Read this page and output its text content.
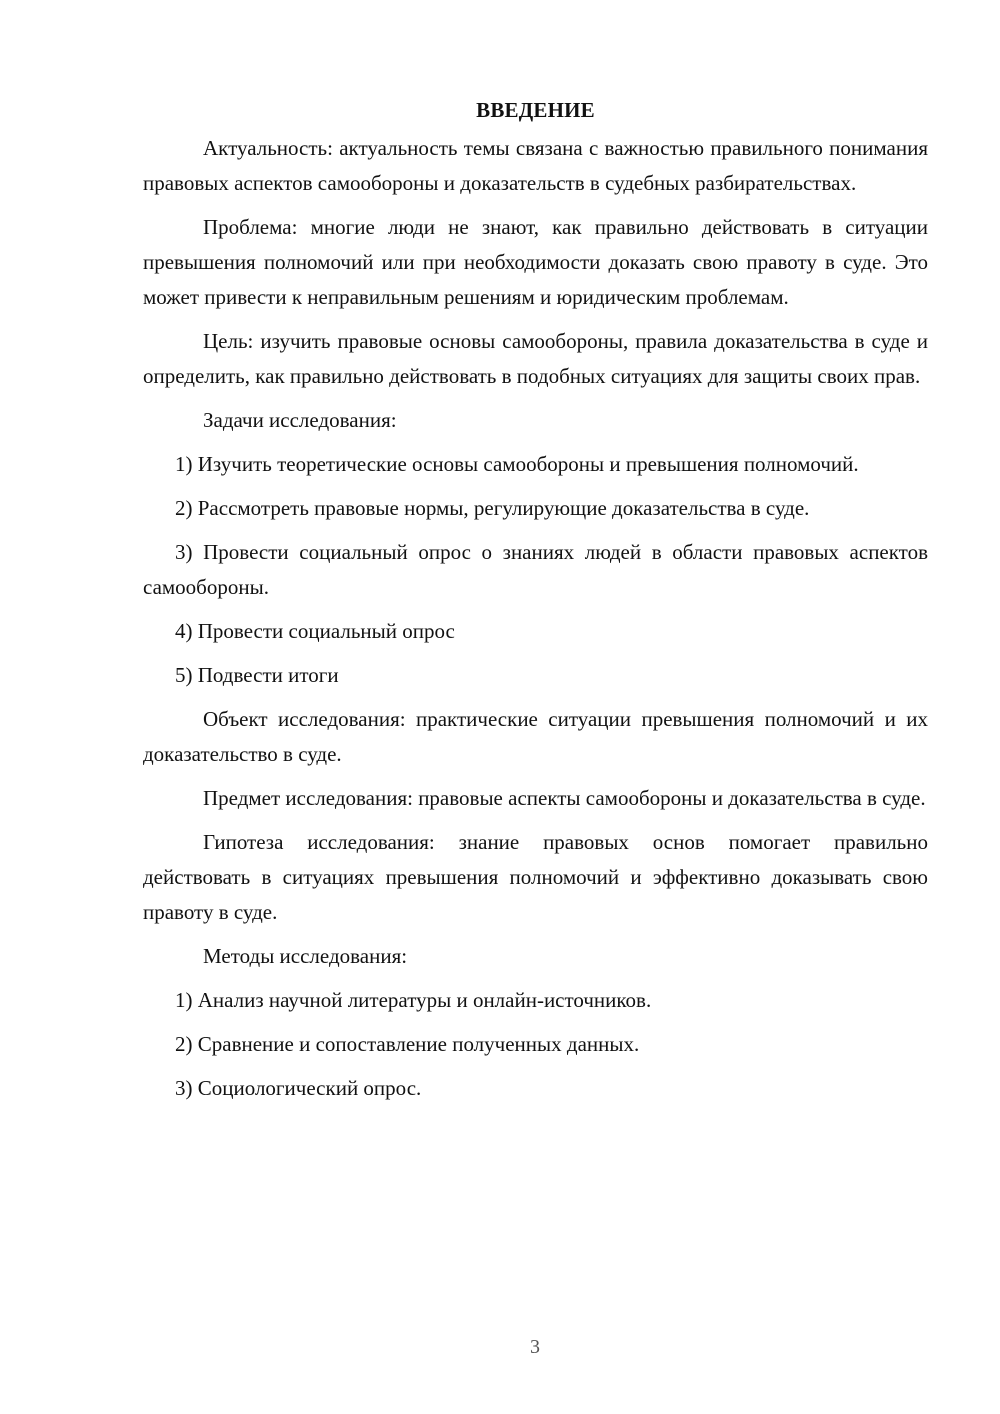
ВВЕДЕНИЕ

Актуальность: актуальность темы связана с важностью правильного понимания правовых аспектов самообороны и доказательств в судебных разбирательствах.

Проблема: многие люди не знают, как правильно действовать в ситуации превышения полномочий или при необходимости доказать свою правоту в суде. Это может привести к неправильным решениям и юридическим проблемам.

Цель: изучить правовые основы самообороны, правила доказательства в суде и определить, как правильно действовать в подобных ситуациях для защиты своих прав.

Задачи исследования:

1) Изучить теоретические основы самообороны и превышения полномочий.

2) Рассмотреть правовые нормы, регулирующие доказательства в суде.

3) Провести социальный опрос о знаниях людей в области правовых аспектов самообороны.

4) Провести социальный опрос

5) Подвести итоги

Объект исследования: практические ситуации превышения полномочий и их доказательство в суде.

Предмет исследования: правовые аспекты самообороны и доказательства в суде.

Гипотеза исследования: знание правовых основ помогает правильно действовать в ситуациях превышения полномочий и эффективно доказывать свою правоту в суде.

Методы исследования:

1) Анализ научной литературы и онлайн-источников.

2) Сравнение и сопоставление полученных данных.

3) Социологический опрос.

3
